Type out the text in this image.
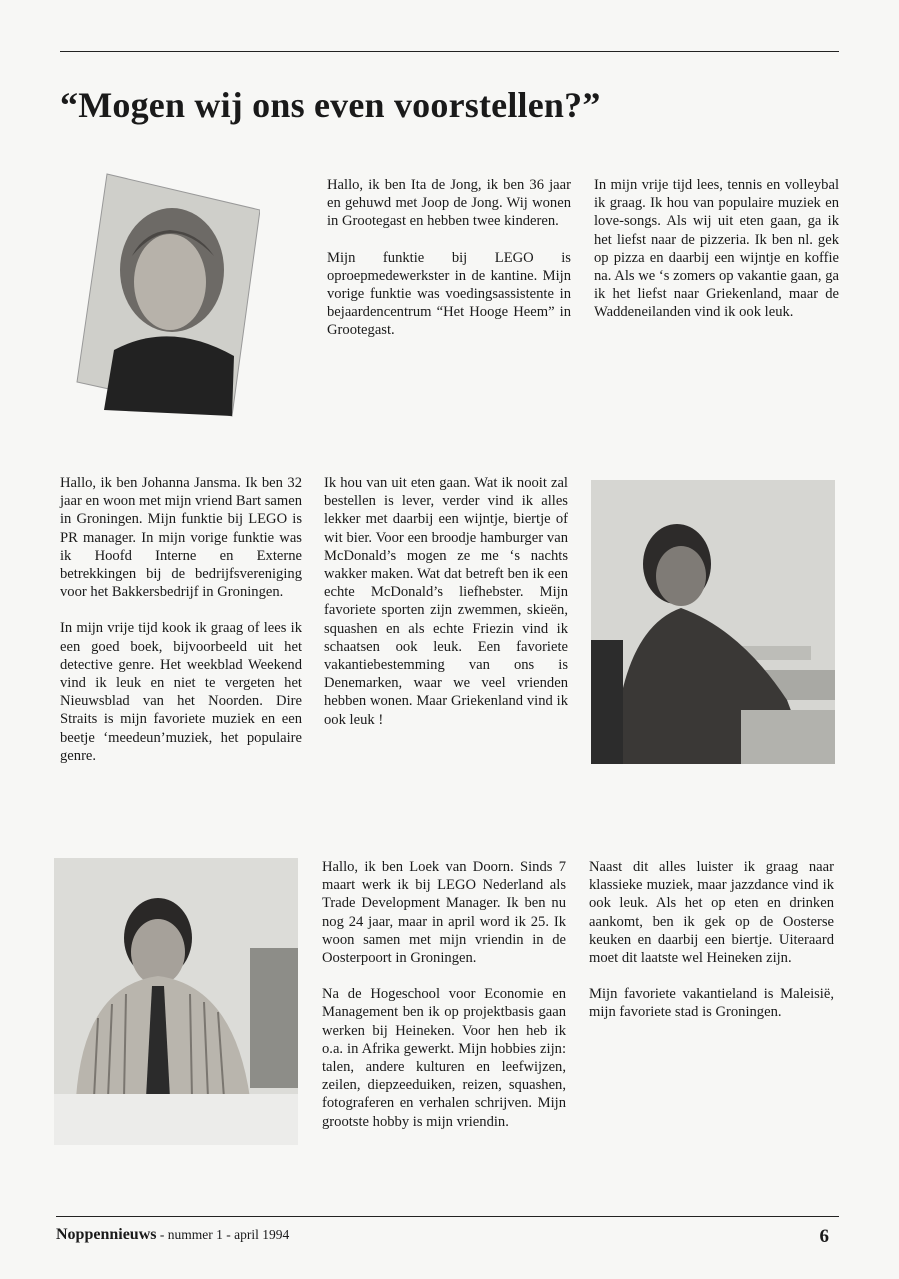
“Mogen wij ons even voorstellen?”

Hallo, ik ben Ita de Jong, ik ben 36 jaar en gehuwd met Joop de Jong. Wij wonen in Grootegast en hebben twee kinderen.

Mijn funktie bij LEGO is oproepmedewerkster in de kantine. Mijn vorige funktie was voedingsassistente in bejaardencentrum “Het Hooge Heem” in Grootegast.

In mijn vrije tijd lees, tennis en volleybal ik graag. Ik hou van populaire muziek en love-songs. Als wij uit eten gaan, ga ik het liefst naar de pizzeria. Ik ben nl. gek op pizza en daarbij een wijntje en koffie na. Als we ‘s zomers op vakantie gaan, ga ik het liefst naar Griekenland, maar de Waddeneilanden vind ik ook leuk.

Hallo, ik ben Johanna Jansma. Ik ben 32 jaar en woon met mijn vriend Bart samen in Groningen. Mijn funktie bij LEGO is PR manager. In mijn vorige funktie was ik Hoofd Interne en Externe betrekkingen bij de bedrijfsvereniging voor het Bakkersbedrijf in Groningen.

In mijn vrije tijd kook ik graag of lees ik een goed boek, bijvoorbeeld uit het detective genre. Het weekblad Weekend vind ik leuk en niet te vergeten het Nieuwsblad van het Noorden. Dire Straits is mijn favoriete muziek en een beetje ‘meedeun’muziek, het populaire genre.

Ik hou van uit eten gaan. Wat ik nooit zal bestellen is lever, verder vind ik alles lekker met daarbij een wijntje, biertje of wit bier. Voor een broodje hamburger van McDonald’s mogen ze me ‘s nachts wakker maken. Wat dat betreft ben ik een echte McDonald’s liefhebster. Mijn favoriete sporten zijn zwemmen, skieën, squashen en als echte Friezin vind ik schaatsen ook leuk. Een favoriete vakantiebestemming van ons is Denemarken, waar we veel vrienden hebben wonen. Maar Griekenland vind ik ook leuk !

Hallo, ik ben Loek van Doorn. Sinds 7 maart werk ik bij LEGO Nederland als Trade Development Manager. Ik ben nu nog 24 jaar, maar in april word ik 25. Ik woon samen met mijn vriendin in de Oosterpoort in Groningen.

Na de Hogeschool voor Economie en Management ben ik op projektbasis gaan werken bij Heineken. Voor hen heb ik o.a. in Afrika gewerkt. Mijn hobbies zijn: talen, andere kulturen en leefwijzen, zeilen, diepzeeduiken, reizen, squashen, fotograferen en verhalen schrijven. Mijn grootste hobby is mijn vriendin.

Naast dit alles luister ik graag naar klassieke muziek, maar jazzdance vind ik ook leuk. Als het op eten en drinken aankomt, ben ik gek op de Oosterse keuken en daarbij een biertje. Uiteraard moet dit laatste wel Heineken zijn.

Mijn favoriete vakantieland is Maleisië, mijn favoriete stad is Groningen.

Noppennieuws - nummer 1 - april 1994	6
